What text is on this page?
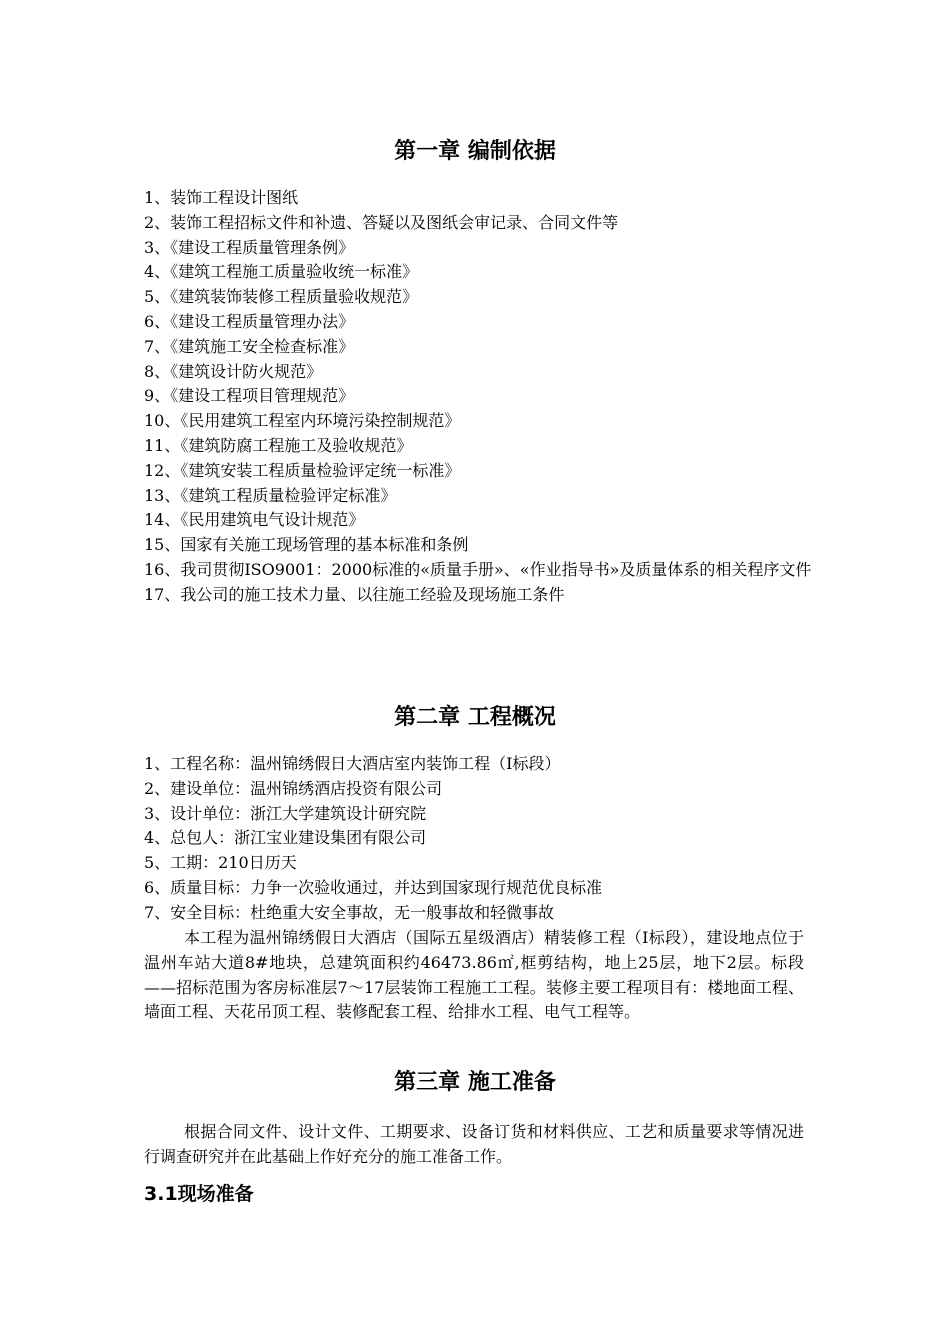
第一章 编制依据
1、装饰工程设计图纸
2、装饰工程招标文件和补遗、答疑以及图纸会审记录、合同文件等
3、《建设工程质量管理条例》
4、《建筑工程施工质量验收统一标准》
5、《建筑装饰装修工程质量验收规范》
6、《建设工程质量管理办法》
7、《建筑施工安全检查标准》
8、《建筑设计防火规范》
9、《建设工程项目管理规范》
10、《民用建筑工程室内环境污染控制规范》
11、《建筑防腐工程施工及验收规范》
12、《建筑安装工程质量检验评定统一标准》
13、《建筑工程质量检验评定标准》
14、《民用建筑电气设计规范》
15、国家有关施工现场管理的基本标准和条例
16、我司贯彻ISO9001：2000标准的«质量手册»、«作业指导书»及质量体系的相关程序文件
17、我公司的施工技术力量、以往施工经验及现场施工条件
第二章 工程概况
1、工程名称：温州锦绣假日大酒店室内装饰工程（I标段）
2、建设单位：温州锦绣酒店投资有限公司
3、设计单位：浙江大学建筑设计研究院
4、总包人：浙江宝业建设集团有限公司
5、工期：210日历天
6、质量目标：力争一次验收通过，并达到国家现行规范优良标准
7、安全目标：杜绝重大安全事故，无一般事故和轻微事故

本工程为温州锦绣假日大酒店（国际五星级酒店）精装修工程（I标段），建设地点位于温州车站大道8#地块，总建筑面积约46473.86㎡,框剪结构，地上25层，地下2层。标段——招标范围为客房标准层7～17层装饰工程施工工程。装修主要工程项目有：楼地面工程、墙面工程、天花吊顶工程、装修配套工程、给排水工程、电气工程等。

第三章 施工准备

根据合同文件、设计文件、工期要求、设备订货和材料供应、工艺和质量要求等情况进行调查研究并在此基础上作好充分的施工准备工作。

3.1现场准备
